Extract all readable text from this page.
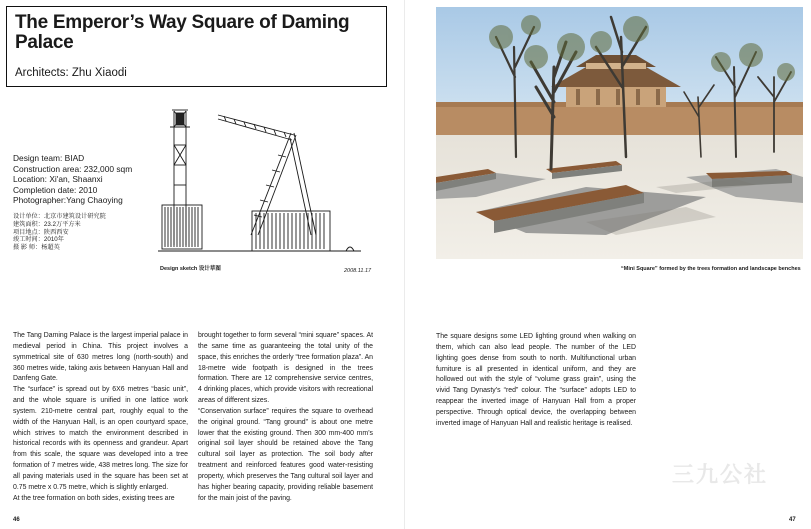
The Emperor’s Way Square of Daming Palace
Architects: Zhu Xiaodi
Design team: BIAD
Construction area: 232,000 sqm
Location: Xi'an, Shaanxi
Completion date: 2010
Photographer:Yang Chaoying
设计单位：北京市建筑设计研究院
建筑面积：23.2万平方米
项目地点：陕西西安
竣工时间：2010年
摄 影 师：杨超英
Design sketch 设计草图	2008.11.17

The Tang Daming Palace is the largest imperial palace in medieval period in China. This project involves a symmetrical site of 630 metres long (north-south) and 360 metres wide, taking axis between Hanyuan Hall and Danfeng Gate.

The “surface” is spread out by 6X6 metres “basic unit”, and the whole square is unified in one lattice work system. 210-metre central part, roughly equal to the width of the Hanyuan Hall, is an open courtyard space, which strives to match the environment described in historical records with its openness and grandeur. Apart from this scale, the square was developed into a tree formation of 7 metres wide, 438 metres long. The size for all paving materials used in the square has been set at 0.75 metre x 0.75 metre, which is slightly enlarged.

At the tree formation on both sides, existing trees are

brought together to form several “mini square” spaces. At the same time as guaranteeing the total unity of the space, this enriches the orderly “tree formation plaza”. An 18-metre wide footpath is designed in the trees formation. There are 12 comprehensive service centres, 4 drinking places, which provide visitors with recreational areas of different sizes.

“Conservation surface” requires the square to overhead the original ground. “Tang ground” is about one metre lower that the existing ground. Then 300 mm-400 mm’s original soil layer should be retained above the Tang cultural soil layer as protection. The soil body after treatment and reinforced features good water-resisting property, which preserves the Tang cultural soil layer and has higher bearing capacity, providing reliable basement for the main joist of the paving.

46
“Mini Square” formed by the trees formation and landscape benches

The square designs some LED lighting ground when walking on them, which can also lead people. The number of the LED lighting goes dense from south to north. Multifunctional urban furniture is all presented in identical uniform, and they are hollowed out with the style of “volume grass grain”, using the vivid Tang Dynasty’s “red” colour. The “surface” adopts LED to reappear the inverted image of Hanyuan Hall from a proper perspective. Through optical device, the overlapping between inverted image of Hanyuan Hall and realistic heritage is realised.

三九公社
47
